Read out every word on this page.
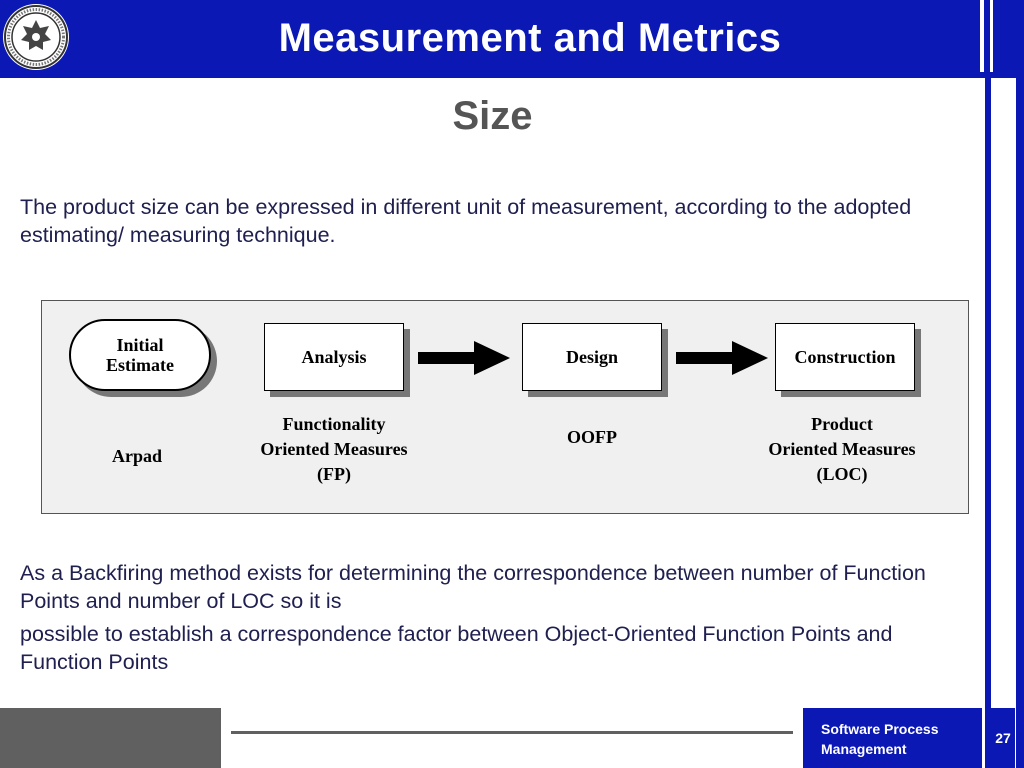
Measurement and Metrics
Size
The product size can be expressed in different unit of measurement, according to the adopted estimating/ measuring technique.
Initial
Estimate	Analysis	Design	Construction
Arpad
Functionality
Oriented Measures
(FP)
OOFP
Product
Oriented Measures
(LOC)
As a Backfiring method exists for determining the correspondence between number of Function Points and number of LOC so it is
possible to establish a correspondence factor between Object-Oriented Function Points and Function Points
Software Process
Management
27
